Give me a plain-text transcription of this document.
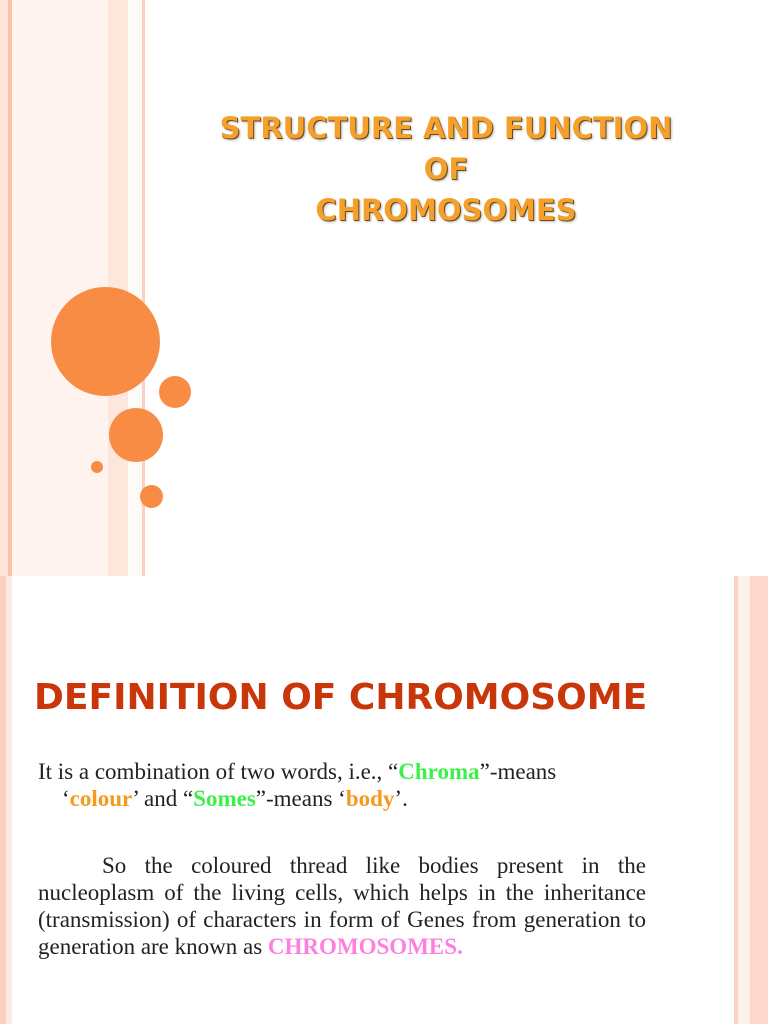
STRUCTURE AND FUNCTION
OF
CHROMOSOMES
DEFINITION OF CHROMOSOME

It is a combination of two words, i.e., “Chroma”-means
‘colour’ and “Somes”-means ‘body’.

So the coloured thread like bodies present in the nucleoplasm of the living cells, which helps in the inheritance (transmission) of characters in form of Genes from generation to generation are known as CHROMOSOMES.
